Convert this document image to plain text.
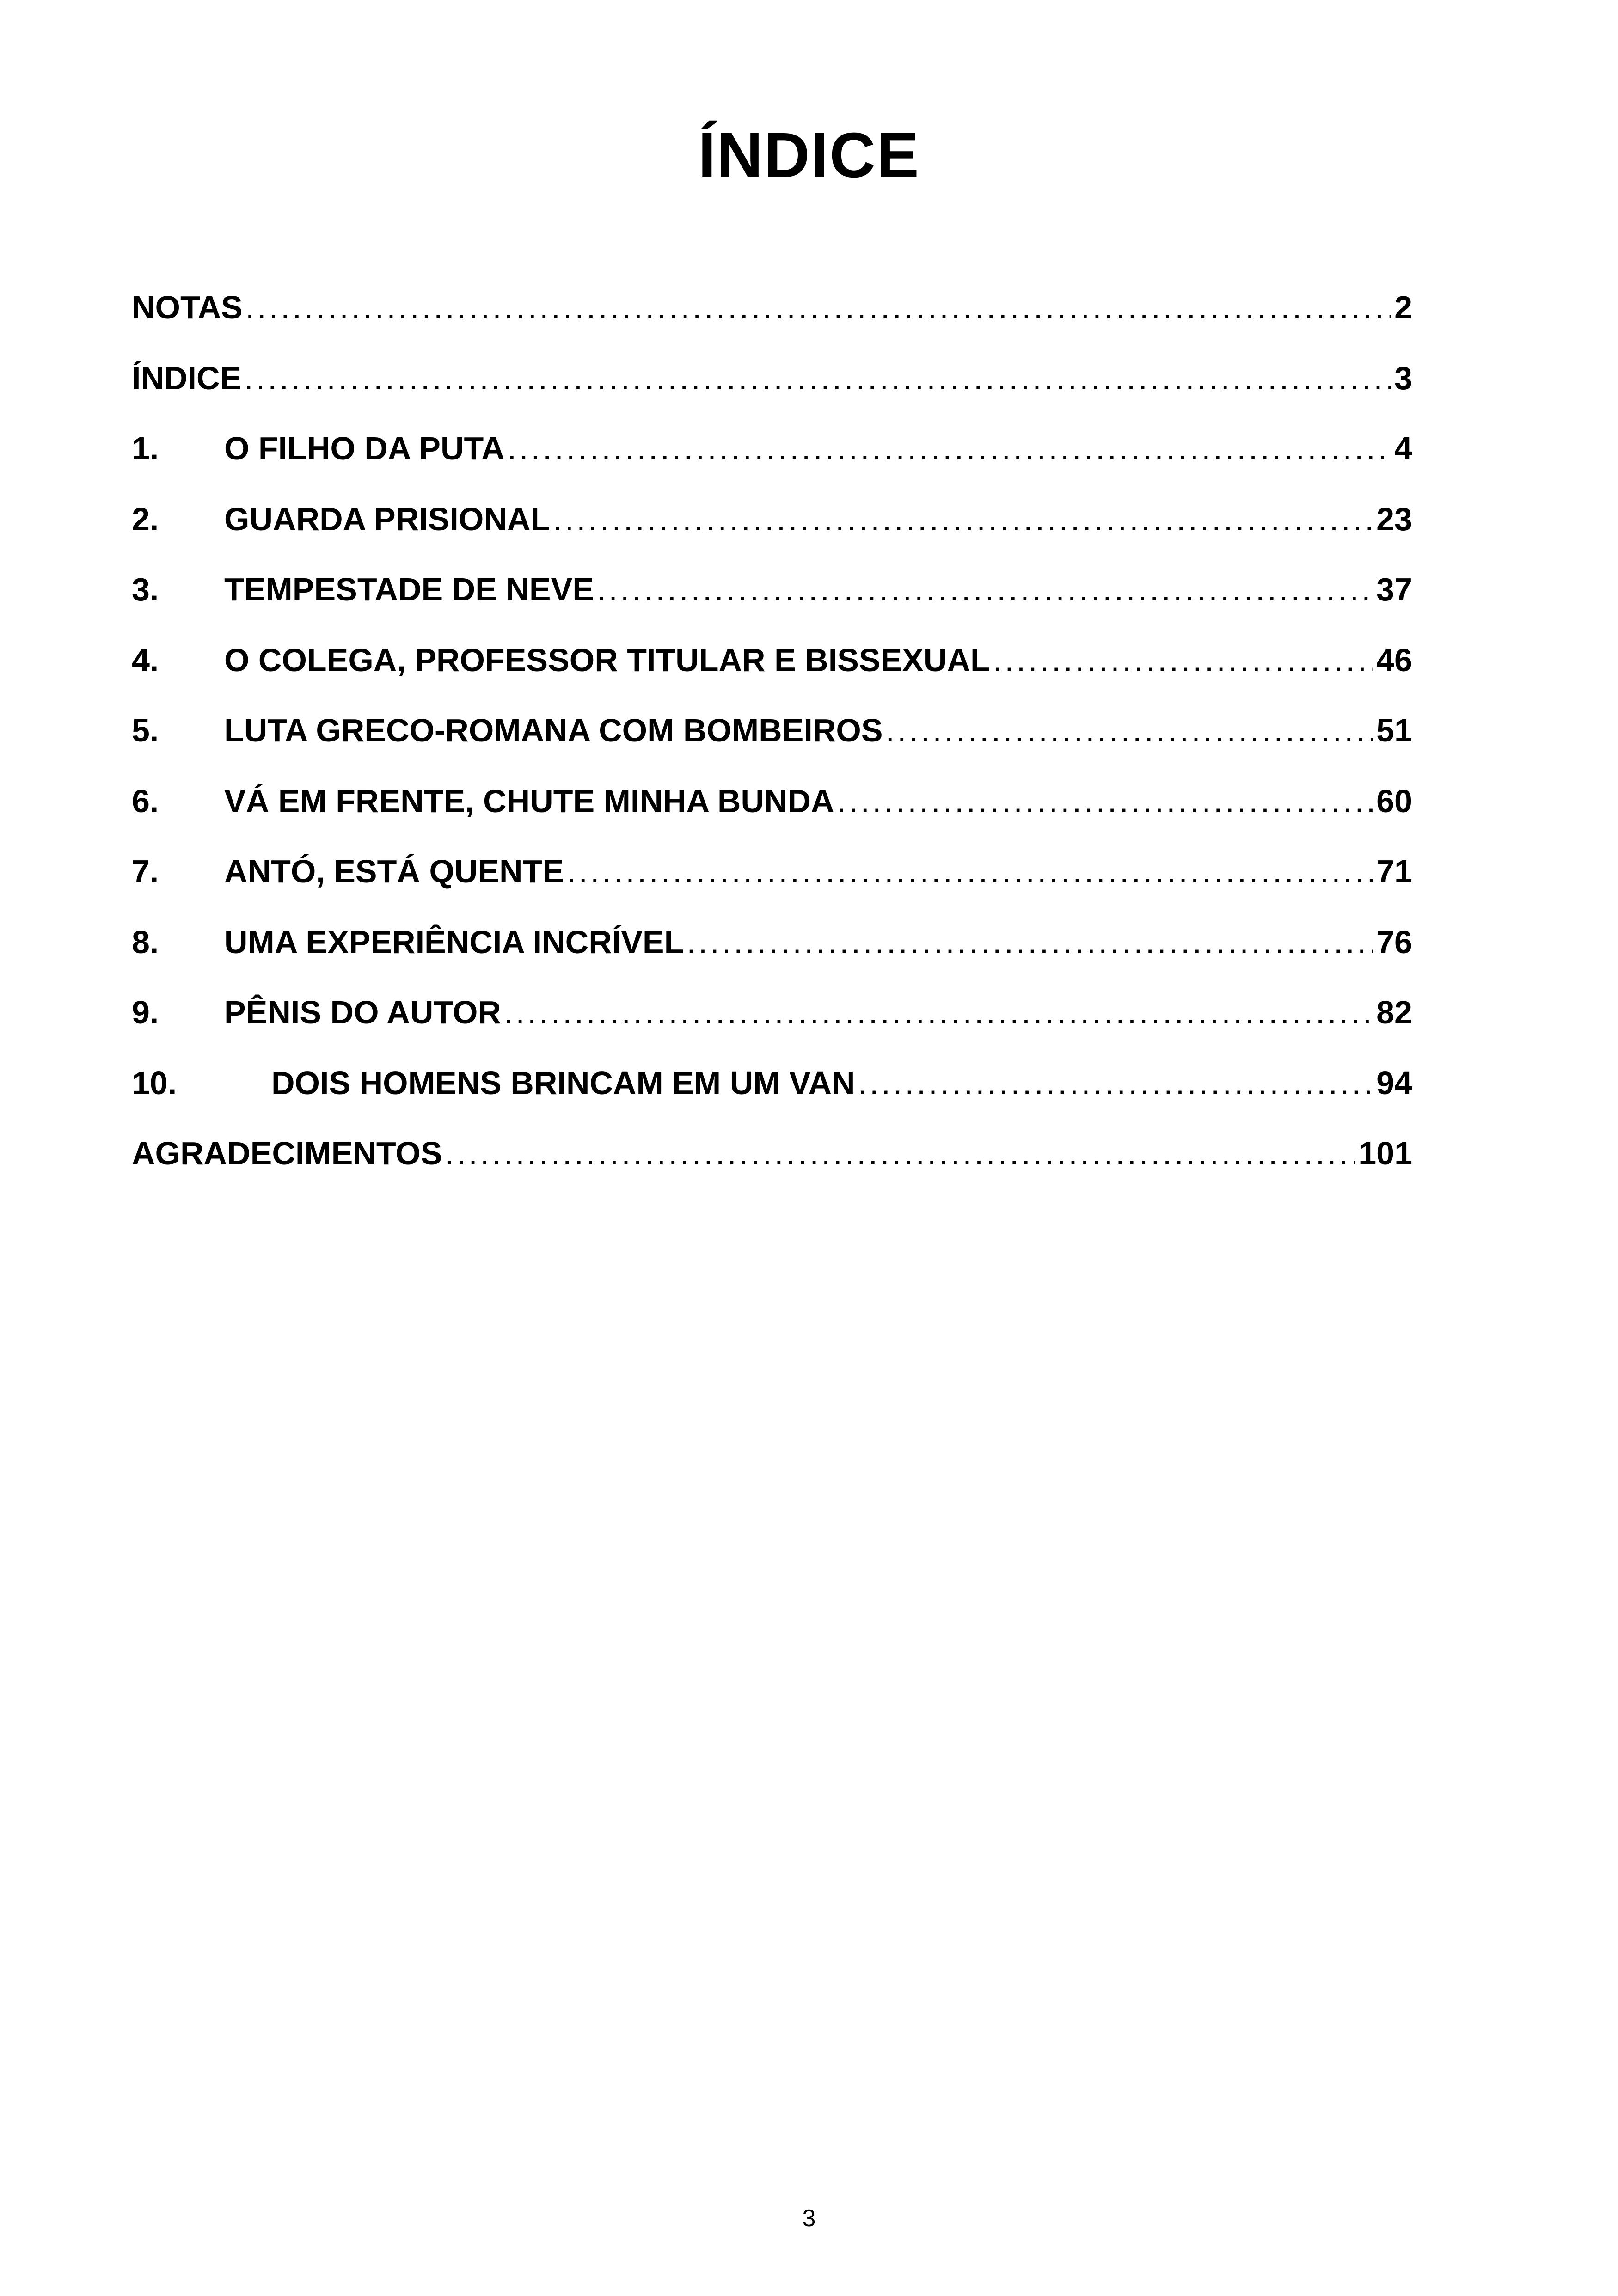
ÍNDICE
NOTAS .....	2
ÍNDICE .....	3
1.	O FILHO DA PUTA .....	4
2.	GUARDA PRISIONAL .....	23
3.	TEMPESTADE DE NEVE .....	37
4.	O COLEGA, PROFESSOR TITULAR E BISSEXUAL .....	46
5.	LUTA GRECO-ROMANA COM BOMBEIROS .....	51
6.	VÁ EM FRENTE, CHUTE MINHA BUNDA .....	60
7.	ANTÓ, ESTÁ QUENTE .....	71
8.	UMA EXPERIÊNCIA INCRÍVEL .....	76
9.	PÊNIS DO AUTOR .....	82
10.	DOIS HOMENS BRINCAM EM UM VAN .....	94
AGRADECIMENTOS .....	101
3
